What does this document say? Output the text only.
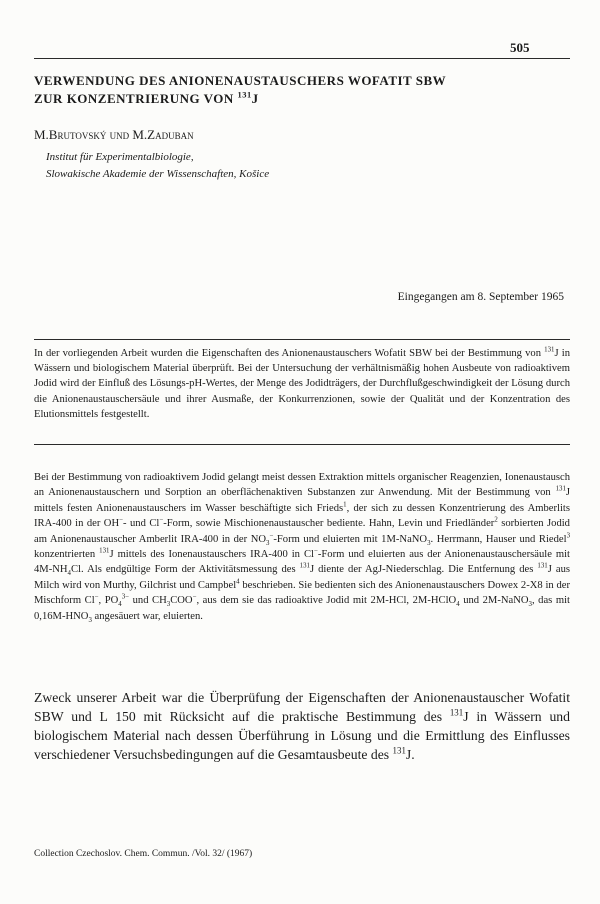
505
VERWENDUNG DES ANIONENAUSTAUSCHERS WOFATIT SBW
ZUR KONZENTRIERUNG VON $^{131}$J
M.Brutovský und M.Zaduban
Institut für Experimentalbiologie,
Slowakische Akademie der Wissenschaften, Košice
Eingegangen am 8. September 1965
In der vorliegenden Arbeit wurden die Eigenschaften des Anionenaustauschers Wofatit SBW bei der Bestimmung von $^{131}$J in Wässern und biologischem Material überprüft. Bei der Untersuchung der verhältnismäßig hohen Ausbeute von radioaktivem Jodid wird der Einfluß des Lösungs-pH-Wertes, der Menge des Jodidträgers, der Durchflußgeschwindigkeit der Lösung durch die Anionenaustauschersäule und ihrer Ausmaße, der Konkurrenzionen, sowie der Qualität und der Konzentration des Elutionsmittels festgestellt.
Bei der Bestimmung von radioaktivem Jodid gelangt meist dessen Extraktion mittels organischer Reagenzien, Ionenaustausch an Anionenaustauschern und Sorption an oberflächenaktiven Substanzen zur Anwendung. Mit der Bestimmung von $^{131}$J mittels festen Anionenaustauschers im Wasser beschäftigte sich Frieds$^1$, der sich zu dessen Konzentrierung des Amberlits IRA-400 in der OH−- und Cl−-Form, sowie Mischionenaustauscher bediente. Hahn, Levin und Friedländer$^2$ sorbierten Jodid am Anionenaustauscher Amberlit IRA-400 in der $NO_3^-$-Form und eluierten mit 1M-NaNO$_3$. Herrmann, Hauser und Riedel$^3$ konzentrierten $^{131}$J mittels des Ionenaustauschers IRA-400 in Cl−-Form und eluierten aus der Anionenaustauschersäule mit $4M-NH_4Cl$. Als endgültige Form der Aktivitätsmessung des $^{131}$J diente der AgJ-Niederschlag. Die Entfernung des $^{131}$J aus Milch wird von Murthy, Gilchrist und Campbel$^4$ beschrieben. Sie bedienten sich des Anionenaustauschers Dowex 2-X8 in der Mischform Cl−, $PO_4^{3-}$ und $CH_3COO^-$, aus dem sie das radioaktive Jodid mit 2M-HCl, 2M-HClO$_4$ und 2M-NaNO$_3$, das mit $0,16M-HNO_3$ angesäuert war, eluierten.
Zweck unserer Arbeit war die Überprüfung der Eigenschaften der Anionenaustauscher Wofatit SBW und L 150 mit Rücksicht auf die praktische Bestimmung des $^{131}$J in Wässern und biologischem Material nach dessen Überführung in Lösung und die Ermittlung des Einflusses verschiedener Versuchsbedingungen auf die Gesamtausbeute des $^{131}$J.
Collection Czechoslov. Chem. Commun. /Vol. 32/ (1967)
